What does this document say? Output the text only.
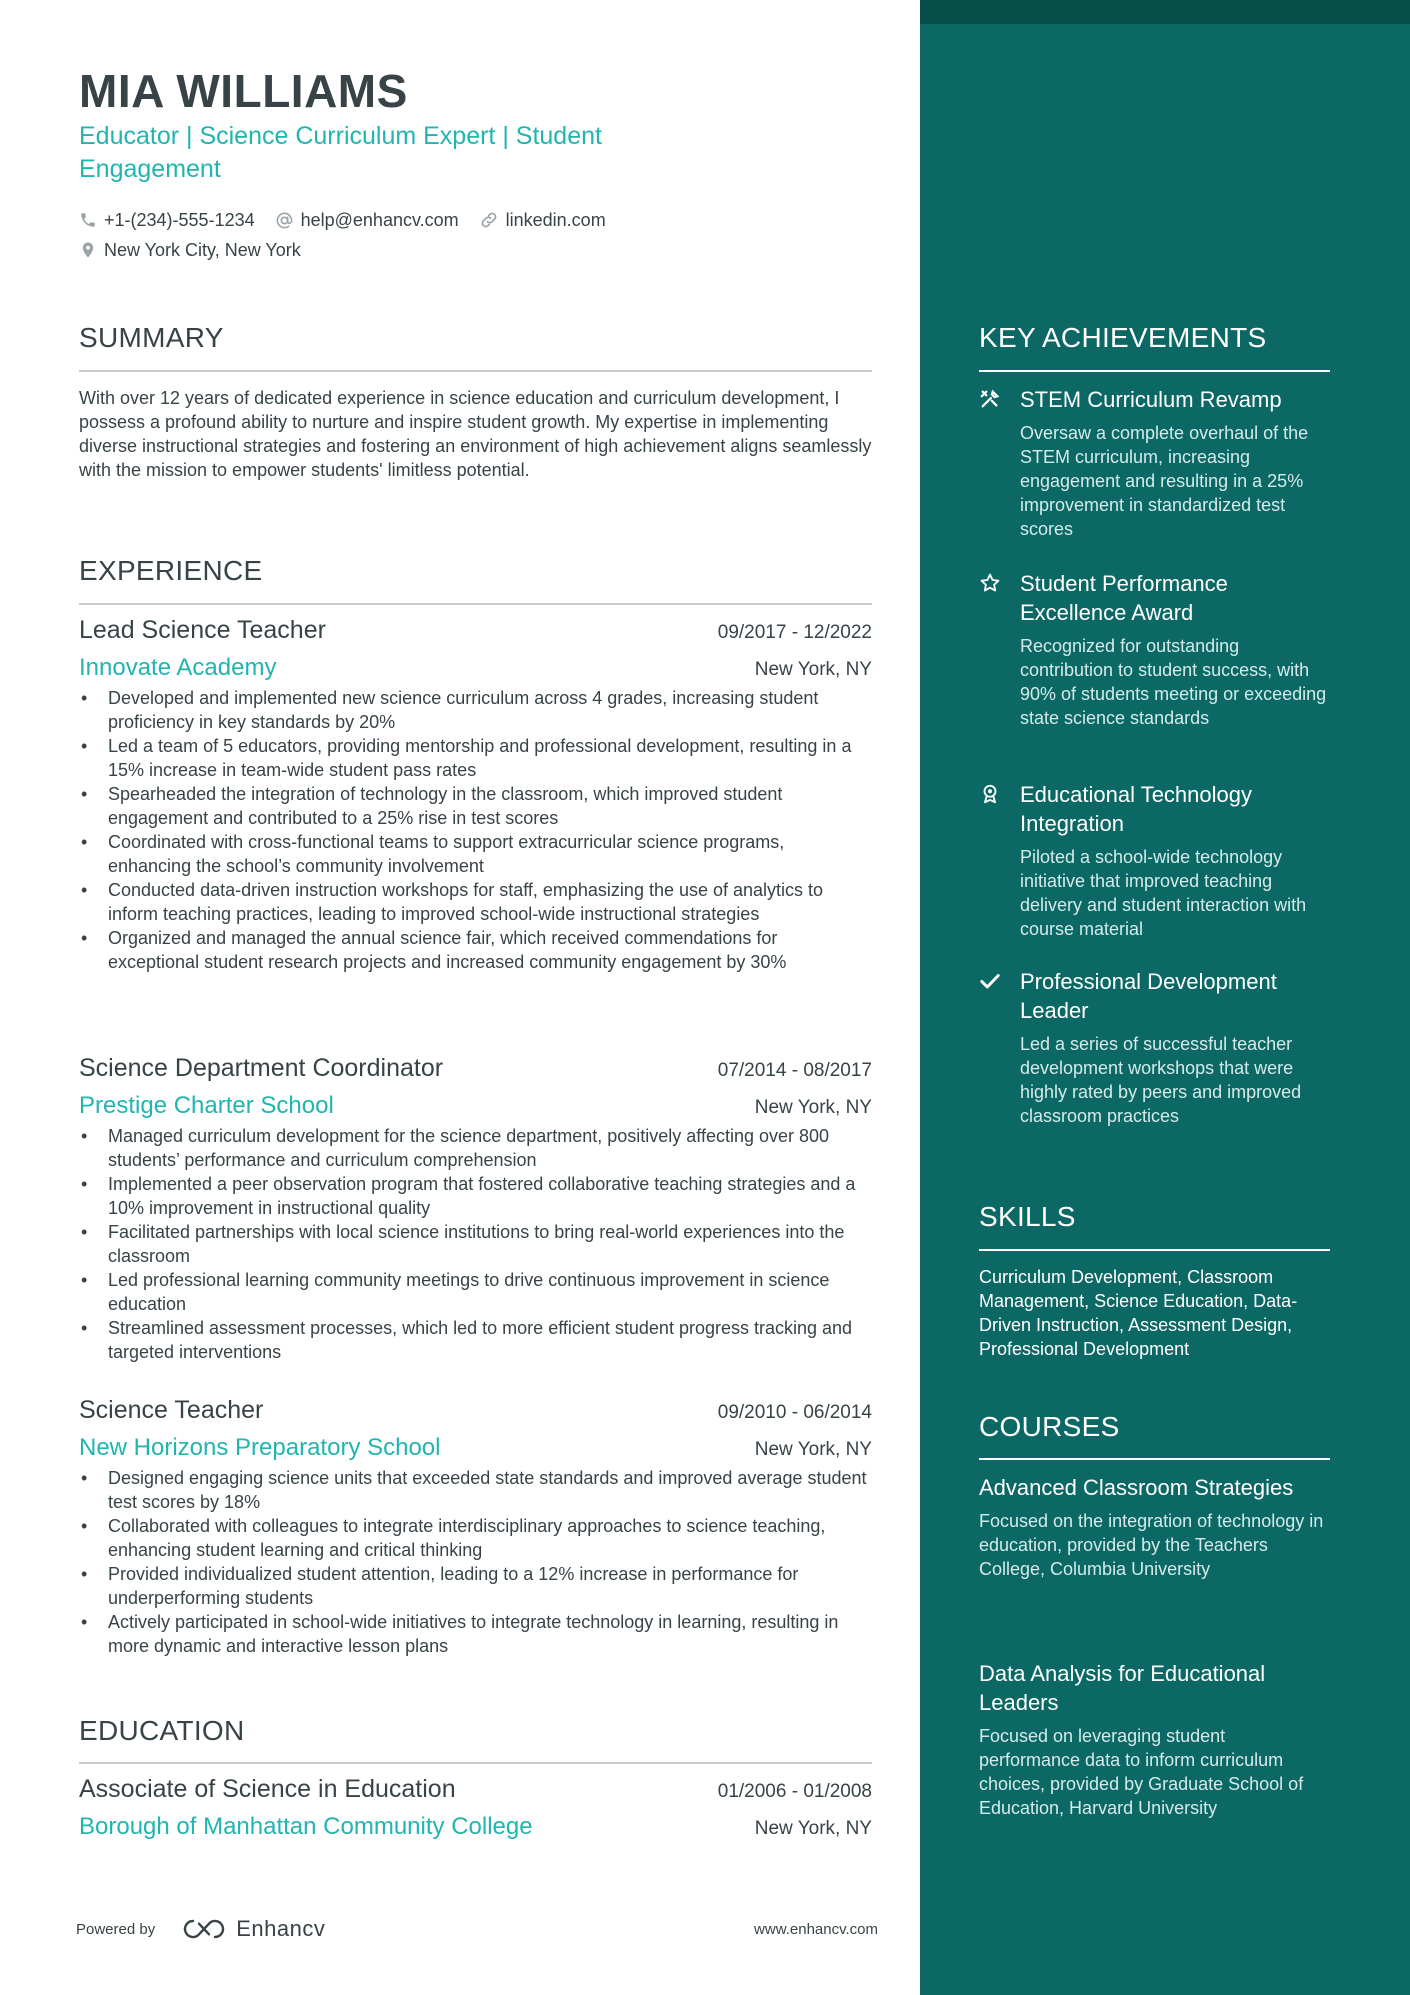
MIA WILLIAMS
Educator | Science Curriculum Expert | Student Engagement
+1-(234)-555-1234	help@enhancv.com	linkedin.com
New York City, New York
SUMMARY

With over 12 years of dedicated experience in science education and curriculum development, I possess a profound ability to nurture and inspire student growth. My expertise in implementing diverse instructional strategies and fostering an environment of high achievement aligns seamlessly with the mission to empower students' limitless potential.

EXPERIENCE
Lead Science Teacher	09/2017 - 12/2022
Innovate Academy	New York, NY
• Developed and implemented new science curriculum across 4 grades, increasing student proficiency in key standards by 20%
• Led a team of 5 educators, providing mentorship and professional development, resulting in a 15% increase in team-wide student pass rates
• Spearheaded the integration of technology in the classroom, which improved student engagement and contributed to a 25% rise in test scores
• Coordinated with cross-functional teams to support extracurricular science programs, enhancing the school’s community involvement
• Conducted data-driven instruction workshops for staff, emphasizing the use of analytics to inform teaching practices, leading to improved school-wide instructional strategies
• Organized and managed the annual science fair, which received commendations for exceptional student research projects and increased community engagement by 30%
Science Department Coordinator	07/2014 - 08/2017
Prestige Charter School	New York, NY
• Managed curriculum development for the science department, positively affecting over 800 students’ performance and curriculum comprehension
• Implemented a peer observation program that fostered collaborative teaching strategies and a 10% improvement in instructional quality
• Facilitated partnerships with local science institutions to bring real-world experiences into the classroom
• Led professional learning community meetings to drive continuous improvement in science education
• Streamlined assessment processes, which led to more efficient student progress tracking and targeted interventions
Science Teacher	09/2010 - 06/2014
New Horizons Preparatory School	New York, NY
• Designed engaging science units that exceeded state standards and improved average student test scores by 18%
• Collaborated with colleagues to integrate interdisciplinary approaches to science teaching, enhancing student learning and critical thinking
• Provided individualized student attention, leading to a 12% increase in performance for underperforming students
• Actively participated in school-wide initiatives to integrate technology in learning, resulting in more dynamic and interactive lesson plans
EDUCATION
Associate of Science in Education	01/2006 - 01/2008
Borough of Manhattan Community College	New York, NY
Powered by	Enhancv	www.enhancv.com
KEY ACHIEVEMENTS
STEM Curriculum Revamp
Oversaw a complete overhaul of the STEM curriculum, increasing engagement and resulting in a 25% improvement in standardized test scores
Student Performance Excellence Award
Recognized for outstanding contribution to student success, with 90% of students meeting or exceeding state science standards
Educational Technology Integration
Piloted a school-wide technology initiative that improved teaching delivery and student interaction with course material
Professional Development Leader
Led a series of successful teacher development workshops that were highly rated by peers and improved classroom practices
SKILLS
Curriculum Development, Classroom Management, Science Education, Data-Driven Instruction, Assessment Design, Professional Development
COURSES
Advanced Classroom Strategies
Focused on the integration of technology in education, provided by the Teachers College, Columbia University
Data Analysis for Educational Leaders
Focused on leveraging student performance data to inform curriculum choices, provided by Graduate School of Education, Harvard University
